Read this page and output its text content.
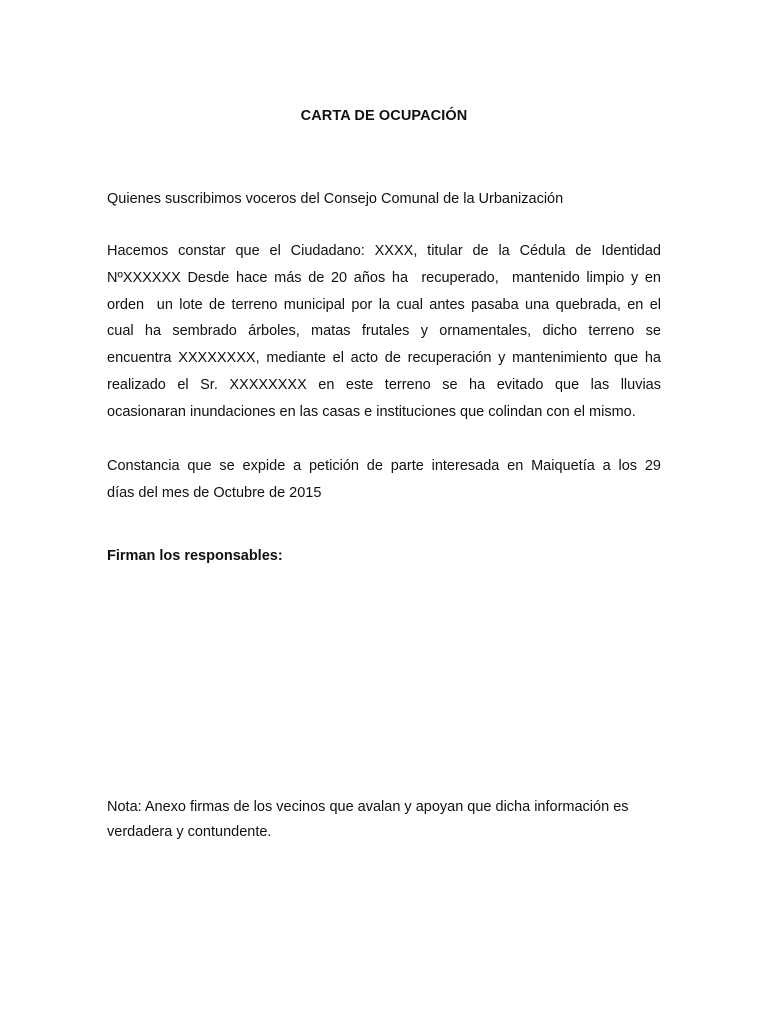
CARTA DE OCUPACIÓN
Quienes suscribimos voceros del Consejo Comunal de la Urbanización
Hacemos constar que el Ciudadano: XXXX, titular de la Cédula de Identidad
NºXXXXXX Desde hace más de 20 años ha  recuperado,  mantenido limpio y en
orden  un lote de terreno municipal por la cual antes pasaba una quebrada, en el
cual ha sembrado árboles, matas frutales y ornamentales, dicho terreno se
encuentra XXXXXXXX, mediante el acto de recuperación y mantenimiento que ha
realizado el Sr. XXXXXXXX en este terreno se ha evitado que las lluvias
ocasionaran inundaciones en las casas e instituciones que colindan con el mismo.
Constancia que se expide a petición de parte interesada en Maiquetía a los 29
días del mes de Octubre de 2015
Firman los responsables:
Nota: Anexo firmas de los vecinos que avalan y apoyan que dicha información es
verdadera y contundente.
